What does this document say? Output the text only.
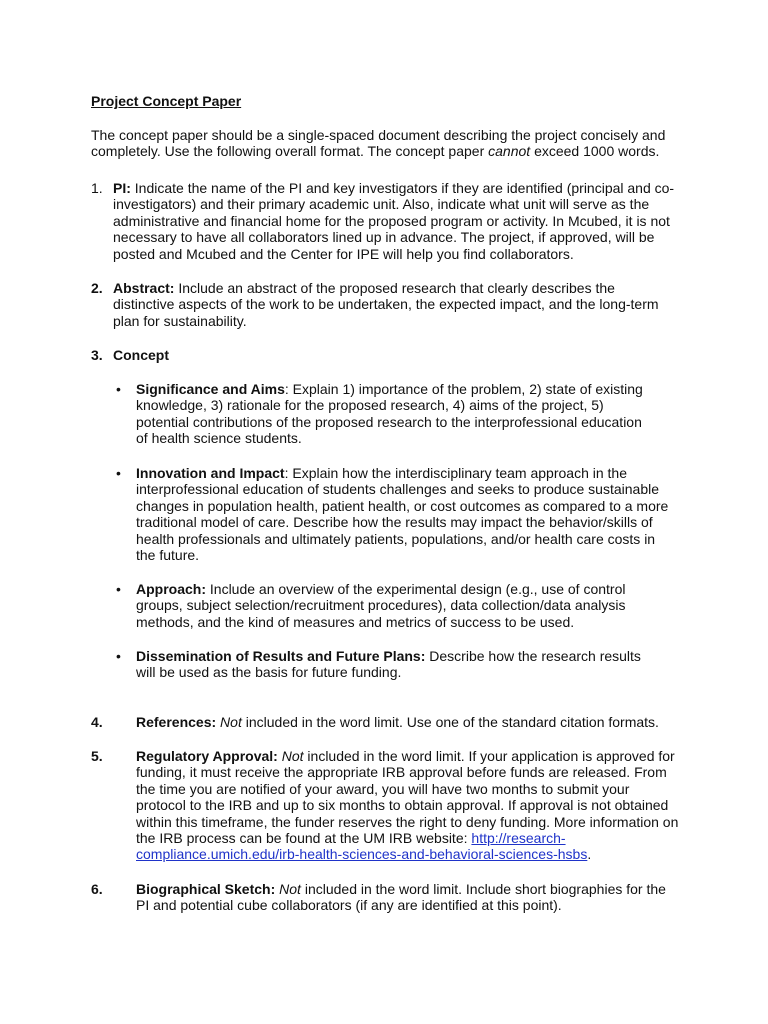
Project Concept Paper

The concept paper should be a single-spaced document describing the project concisely and completely. Use the following overall format. The concept paper cannot exceed 1000 words.

1. PI: Indicate the name of the PI and key investigators if they are identified (principal and co-investigators) and their primary academic unit. Also, indicate what unit will serve as the administrative and financial home for the proposed program or activity. In Mcubed, it is not necessary to have all collaborators lined up in advance. The project, if approved, will be posted and Mcubed and the Center for IPE will help you find collaborators.

2. Abstract: Include an abstract of the proposed research that clearly describes the distinctive aspects of the work to be undertaken, the expected impact, and the long-term plan for sustainability.

3. Concept

• Significance and Aims: Explain 1) importance of the problem, 2) state of existing knowledge, 3) rationale for the proposed research, 4) aims of the project, 5) potential contributions of the proposed research to the interprofessional education of health science students.

• Innovation and Impact: Explain how the interdisciplinary team approach in the interprofessional education of students challenges and seeks to produce sustainable changes in population health, patient health, or cost outcomes as compared to a more traditional model of care. Describe how the results may impact the behavior/skills of health professionals and ultimately patients, populations, and/or health care costs in the future.

• Approach: Include an overview of the experimental design (e.g., use of control groups, subject selection/recruitment procedures), data collection/data analysis methods, and the kind of measures and metrics of success to be used.

• Dissemination of Results and Future Plans: Describe how the research results will be used as the basis for future funding.

4. References: Not included in the word limit. Use one of the standard citation formats.

5. Regulatory Approval: Not included in the word limit. If your application is approved for funding, it must receive the appropriate IRB approval before funds are released. From the time you are notified of your award, you will have two months to submit your protocol to the IRB and up to six months to obtain approval. If approval is not obtained within this timeframe, the funder reserves the right to deny funding. More information on the IRB process can be found at the UM IRB website: http://research-compliance.umich.edu/irb-health-sciences-and-behavioral-sciences-hsbs.

6. Biographical Sketch: Not included in the word limit. Include short biographies for the PI and potential cube collaborators (if any are identified at this point).
